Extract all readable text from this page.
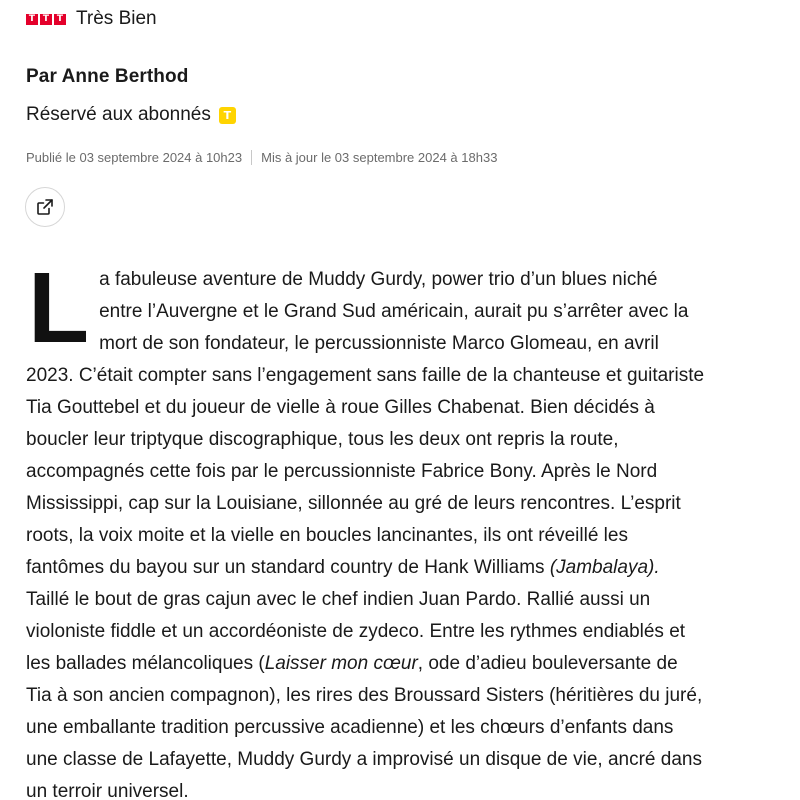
T T T Très Bien
Par Anne Berthod
Réservé aux abonnés	T
Publié le 03 septembre 2024 à 10h23 Mis à jour le 03 septembre 2024 à 18h33

La fabuleuse aventure de Muddy Gurdy, power trio d’un blues niché entre l’Auvergne et le Grand Sud américain, aurait pu s’arrêter avec la mort de son fondateur, le percussionniste Marco Glomeau, en avril 2023. C’était compter sans l’engagement sans faille de la chanteuse et guitariste Tia Gouttebel et du joueur de vielle à roue Gilles Chabenat. Bien décidés à boucler leur triptyque discographique, tous les deux ont repris la route, accompagnés cette fois par le percussionniste Fabrice Bony. Après le Nord Mississippi, cap sur la Louisiane, sillonnée au gré de leurs rencontres. L’esprit roots, la voix moite et la vielle en boucles lancinantes, ils ont réveillé les fantômes du bayou sur un standard country de Hank Williams (Jambalaya). Taillé le bout de gras cajun avec le chef indien Juan Pardo. Rallié aussi un violoniste fiddle et un accordéoniste de zydeco. Entre les rythmes endiablés et les ballades mélancoliques (Laisser mon cœur, ode d’adieu bouleversante de Tia à son ancien compagnon), les rires des Broussard Sisters (héritières du juré, une emballante tradition percussive acadienne) et les chœurs d’enfants dans une classe de Lafayette, Muddy Gurdy a improvisé un disque de vie, ancré dans un terroir universel.
